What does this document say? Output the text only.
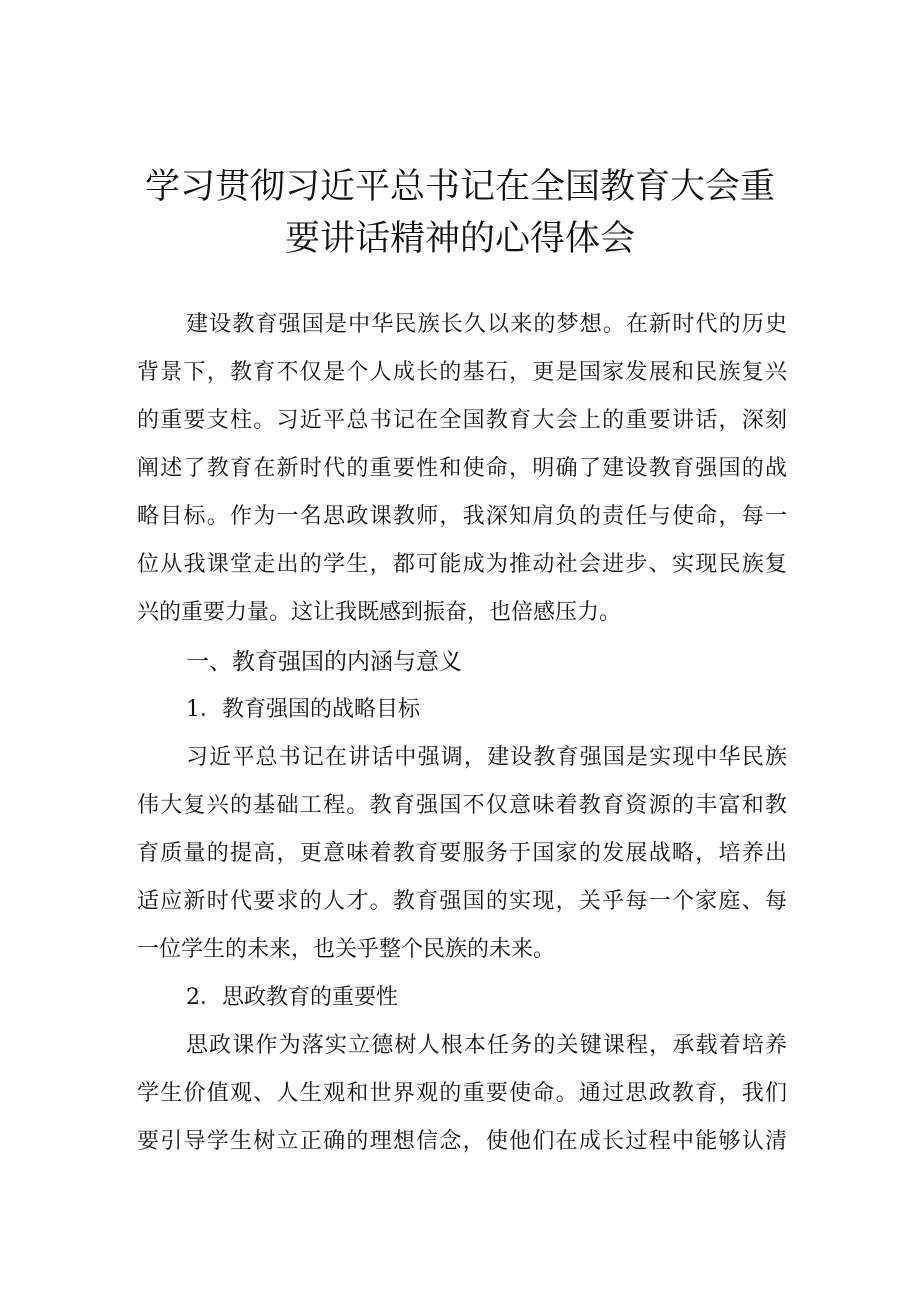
学习贯彻习近平总书记在全国教育大会重
要讲话精神的心得体会
建设教育强国是中华民族长久以来的梦想。在新时代的历史
背景下，教育不仅是个人成长的基石，更是国家发展和民族复兴
的重要支柱。习近平总书记在全国教育大会上的重要讲话，深刻
阐述了教育在新时代的重要性和使命，明确了建设教育强国的战
略目标。作为一名思政课教师，我深知肩负的责任与使命，每一
位从我课堂走出的学生，都可能成为推动社会进步、实现民族复
兴的重要力量。这让我既感到振奋，也倍感压力。
一、教育强国的内涵与意义
1．教育强国的战略目标
习近平总书记在讲话中强调，建设教育强国是实现中华民族
伟大复兴的基础工程。教育强国不仅意味着教育资源的丰富和教
育质量的提高，更意味着教育要服务于国家的发展战略，培养出
适应新时代要求的人才。教育强国的实现，关乎每一个家庭、每
一位学生的未来，也关乎整个民族的未来。
2．思政教育的重要性
思政课作为落实立德树人根本任务的关键课程，承载着培养
学生价值观、人生观和世界观的重要使命。通过思政教育，我们
要引导学生树立正确的理想信念，使他们在成长过程中能够认清
